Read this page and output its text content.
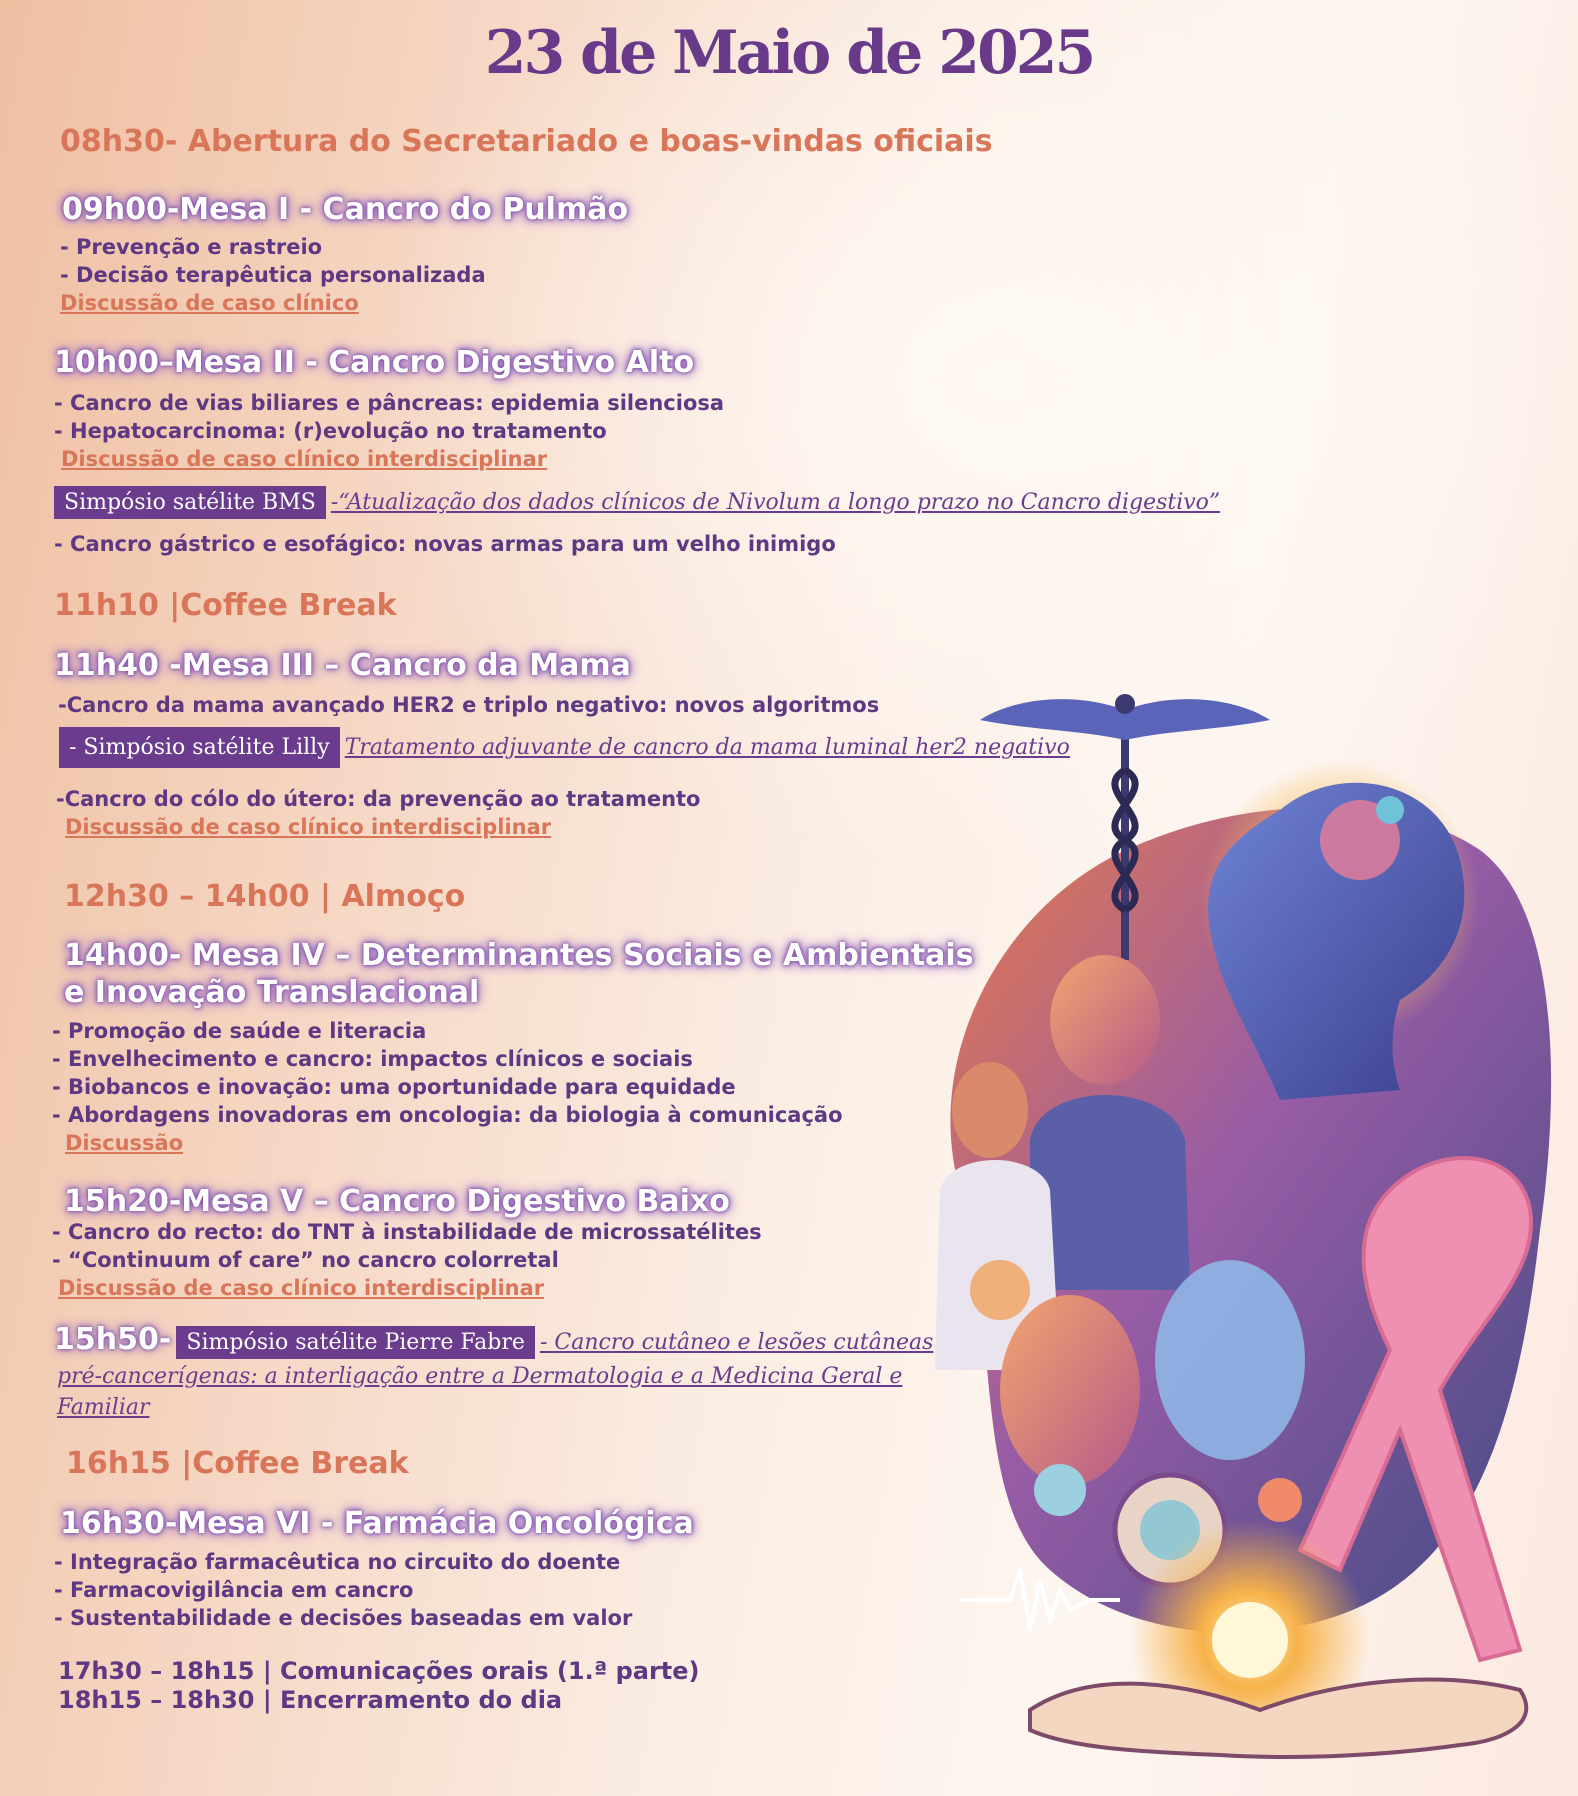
23 de Maio de 2025
08h30- Abertura do Secretariado e boas-vindas oficiais
09h00-Mesa I - Cancro do Pulmão
- Prevenção e rastreio
- Decisão terapêutica personalizada
Discussão de caso clínico
10h00–Mesa II - Cancro Digestivo Alto
- Cancro de vias biliares e pâncreas: epidemia silenciosa
- Hepatocarcinoma: (r)evolução no tratamento
Discussão de caso clínico interdisciplinar
Simpósio satélite BMS -“Atualização dos dados clínicos de Nivolum a longo prazo no Cancro digestivo”
- Cancro gástrico e esofágico: novas armas para um velho inimigo
11h10 |Coffee Break
11h40 -Mesa III – Cancro da Mama
-Cancro da mama avançado HER2 e triplo negativo: novos algoritmos
- Simpósio satélite Lilly Tratamento adjuvante de cancro da mama luminal her2 negativo
-Cancro do cólo do útero: da prevenção ao tratamento
Discussão de caso clínico interdisciplinar
12h30 – 14h00 | Almoço
14h00- Mesa IV – Determinantes Sociais e Ambientais
e Inovação Translacional
- Promoção de saúde e literacia
- Envelhecimento e cancro: impactos clínicos e sociais
- Biobancos e inovação: uma oportunidade para equidade
- Abordagens inovadoras em oncologia: da biologia à comunicação
Discussão
15h20-Mesa V – Cancro Digestivo Baixo
- Cancro do recto: do TNT à instabilidade de microssatélites
- “Continuum of care” no cancro colorretal
Discussão de caso clínico interdisciplinar
15h50- Simpósio satélite Pierre Fabre - Cancro cutâneo e lesões cutâneas
pré-cancerígenas: a interligação entre a Dermatologia e a Medicina Geral e
Familiar
16h15 |Coffee Break
16h30-Mesa VI - Farmácia Oncológica
- Integração farmacêutica no circuito do doente
- Farmacovigilância em cancro
- Sustentabilidade e decisões baseadas em valor
17h30 – 18h15 | Comunicações orais (1.ª parte)
18h15 – 18h30 | Encerramento do dia
